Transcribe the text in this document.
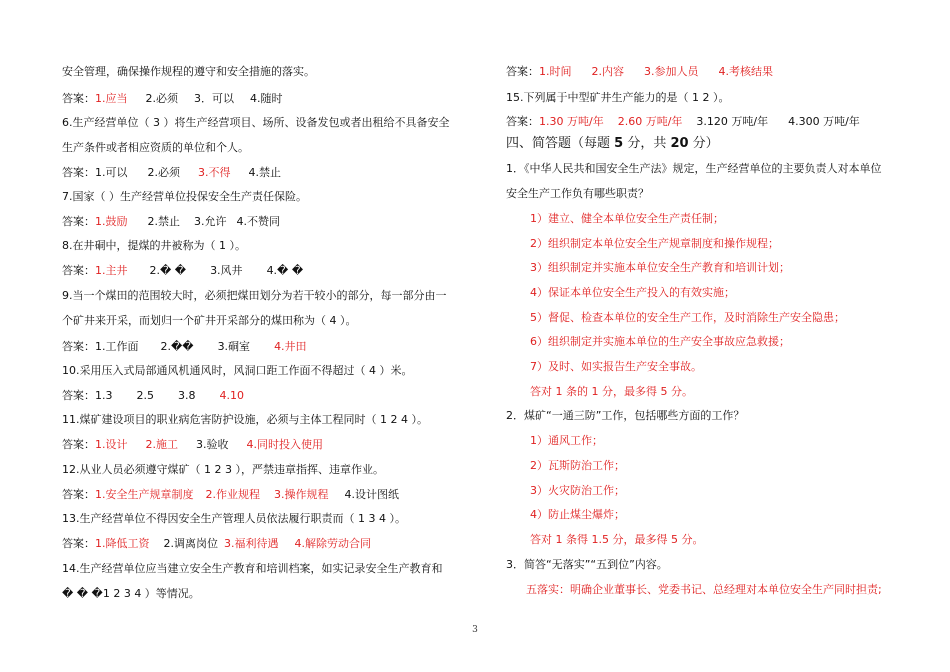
安全管理，确保操作规程的遵守和安全措施的落实。
答案：1.应当 2.必须 3．可以 4.随时
6.生产经营单位（ 3 ）将生产经营项目、场所、设备发包或者出租给不具备安全
生产条件或者相应资质的单位和个人。
答案：1.可以 2.必须 3.不得 4.禁止
7.国家（ ）生产经营单位投保安全生产责任保险。
答案：1.鼓励 2.禁止 3.允许 4.不赞同
8.在井硐中，提煤的井被称为（ 1 ）。
答案：1.主井 2.� � 3.风井 4.� �
9.当一个煤田的范围较大时，必须把煤田划分为若干较小的部分，每一部分由一
个矿井来开采，而划归一个矿井开采部分的煤田称为（ 4 ）。
答案：1.工作面 2.�� 3.硐室 4.井田
10.采用压入式局部通风机通风时，风洞口距工作面不得超过（ 4 ）米。
答案：1.3 2.5 3.8 4.10
11.煤矿建设项目的职业病危害防护设施，必须与主体工程同时（ 1 2 4 ）。
答案：1.设计 2.施工 3.验收 4.同时投入使用
12.从业人员必须遵守煤矿（ 1 2 3 ），严禁违章指挥、违章作业。
答案：1.安全生产规章制度 2.作业规程 3.操作规程 4.设计图纸
13.生产经营单位不得因安全生产管理人员依法履行职责而（ 1 3 4 ）。
答案：1.降低工资 2.调离岗位 3.福利待遇 4.解除劳动合同
14.生产经营单位应当建立安全生产教育和培训档案，如实记录安全生产教育和
� � �1 2 3 4 ）等情况。
答案：1.时间 2.内容 3.参加人员 4.考核结果
15.下列属于中型矿井生产能力的是（ 1 2 ）。
答案：1.30 万吨/年 2.60 万吨/年 3.120 万吨/年 4.300 万吨/年
四、简答题（每题 5 分，共 20 分）
1．《中华人民共和国安全生产法》规定，生产经营单位的主要负责人对本单位
安全生产工作负有哪些职责？
1）建立、健全本单位安全生产责任制；
2）组织制定本单位安全生产规章制度和操作规程；
3）组织制定并实施本单位安全生产教育和培训计划；
4）保证本单位安全生产投入的有效实施；
5）督促、检查本单位的安全生产工作，及时消除生产安全隐患；
6）组织制定并实施本单位的生产安全事故应急救援；
7）及时、如实报告生产安全事故。
答对 1 条的 1 分，最多得 5 分。
2．煤矿“一通三防”工作，包括哪些方面的工作？
1）通风工作；
2）瓦斯防治工作；
3）火灾防治工作；
4）防止煤尘爆炸；
答对 1 条得 1.5 分，最多得 5 分。
3．简答“无落实”“五到位”内容。
五落实：明确企业董事长、党委书记、总经理对本单位安全生产同时担责;
3
